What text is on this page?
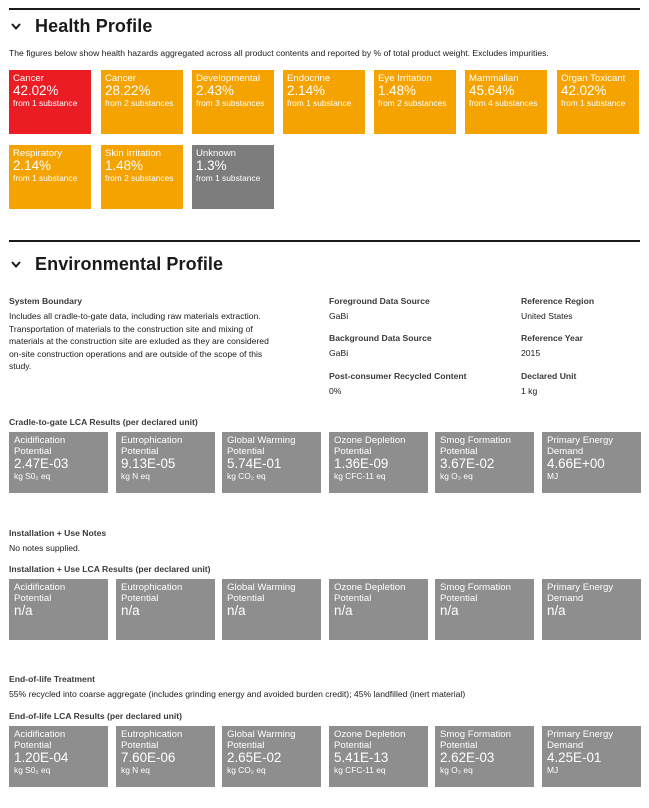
Health Profile
The figures below show health hazards aggregated across all product contents and reported by % of total product weight. Excludes impurities.
Cancer
42.02%
from 1 substance
Cancer
28.22%
from 2 substances
Developmental
2.43%
from 3 substances
Endocrine
2.14%
from 1 substance
Eye Irritation
1.48%
from 2 substances
Mammalian
45.64%
from 4 substances
Organ Toxicant
42.02%
from 1 substance
Respiratory
2.14%
from 1 substance
Skin Irritation
1.48%
from 2 substances
Unknown
1.3%
from 1 substance
Environmental Profile
System Boundary
Includes all cradle-to-gate data, including raw materials extraction.
Transportation of materials to the construction site and mixing of
materials at the construction site are exluded as they are considered
on-site construction operations and are outside of the scope of this
study.
Foreground Data Source
GaBi
Background Data Source
GaBi
Post-consumer Recycled Content
0%
Reference Region
United States
Reference Year
2015
Declared Unit
1 kg
Cradle-to-gate LCA Results (per declared unit)
Acidification
Potential
2.47E-03
kg S0₂ eq
Eutrophication
Potential
9.13E-05
kg N eq
Global Warming
Potential
5.74E-01
kg CO₂ eq
Ozone Depletion
Potential
1.36E-09
kg CFC-11 eq
Smog Formation
Potential
3.67E-02
kg O₃ eq
Primary Energy
Demand
4.66E+00
MJ
Installation + Use Notes
No notes supplied.
Installation + Use LCA Results (per declared unit)
Acidification
Potential
n/a
Eutrophication
Potential
n/a
Global Warming
Potential
n/a
Ozone Depletion
Potential
n/a
Smog Formation
Potential
n/a
Primary Energy
Demand
n/a
End-of-life Treatment
55% recycled into coarse aggregate (includes grinding energy and avoided burden credit); 45% landfilled (inert material)
End-of-life LCA Results (per declared unit)
Acidification
Potential
1.20E-04
kg S0₂ eq
Eutrophication
Potential
7.60E-06
kg N eq
Global Warming
Potential
2.65E-02
kg CO₂ eq
Ozone Depletion
Potential
5.41E-13
kg CFC-11 eq
Smog Formation
Potential
2.62E-03
kg O₃ eq
Primary Energy
Demand
4.25E-01
MJ
